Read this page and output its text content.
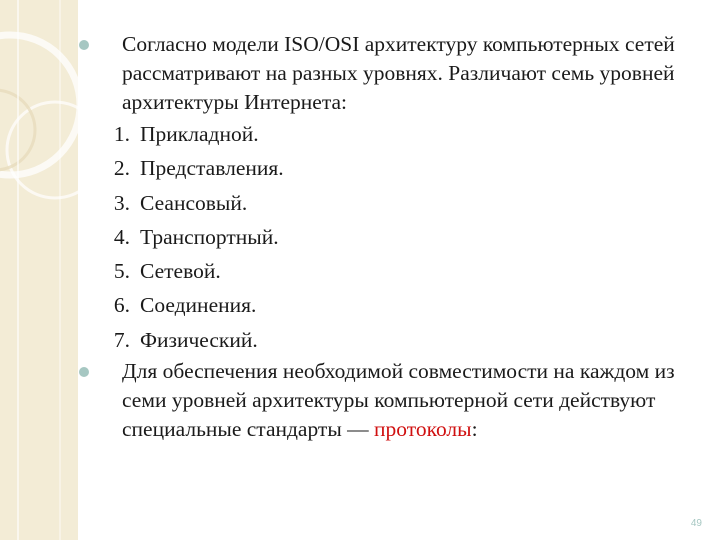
Согласно модели ISO/OSI архитектуру компьютерных сетей рассматривают на разных уровнях. Различают семь уровней архитектуры Интернета:
1. Прикладной.
2. Представления.
3. Сеансовый.
4. Транспортный.
5. Сетевой.
6. Соединения.
7. Физический.
Для обеспечения необходимой совместимости на каждом из семи уровней архитектуры компьютерной сети действуют специальные стандарты — протоколы:
49
